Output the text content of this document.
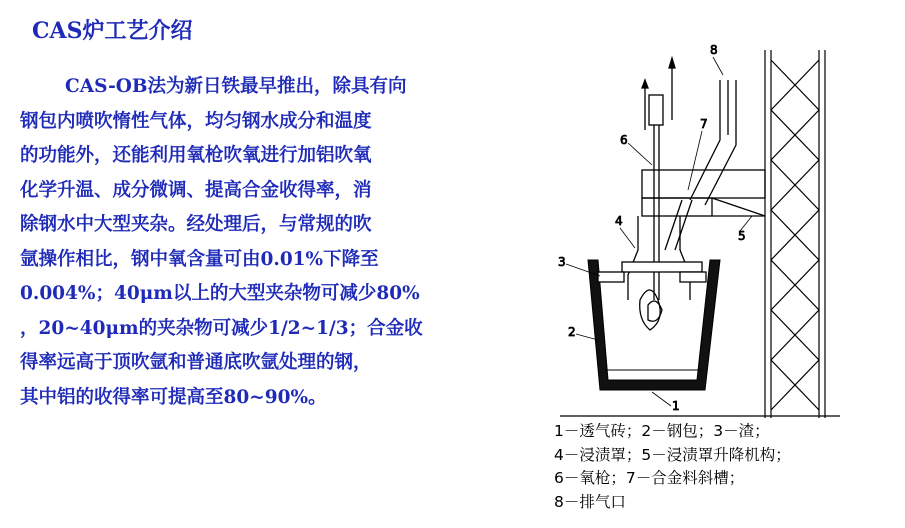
CAS炉工艺介绍
CAS-OB法为新日铁最早推出，除具有向
钢包内喷吹惰性气体，均匀钢水成分和温度
的功能外，还能利用氧枪吹氧进行加铝吹氧
化学升温、成分微调、提高合金收得率，消
除钢水中大型夹杂。经处理后，与常规的吹
氩操作相比，钢中氧含量可由0.01%下降至
0.004%；40μm以上的大型夹杂物可减少80%
，20~40μm的夹杂物可减少1/2~1/3；合金收
得率远高于顶吹氩和普通底吹氩处理的钢，
其中铝的收得率可提高至80~90%。
8
7
6
4
5
3
2
1
1－透气砖；2－钢包；3－渣；
4－浸渍罩；5－浸渍罩升降机构；
6－氧枪；7－合金料斜槽；
8－排气口
